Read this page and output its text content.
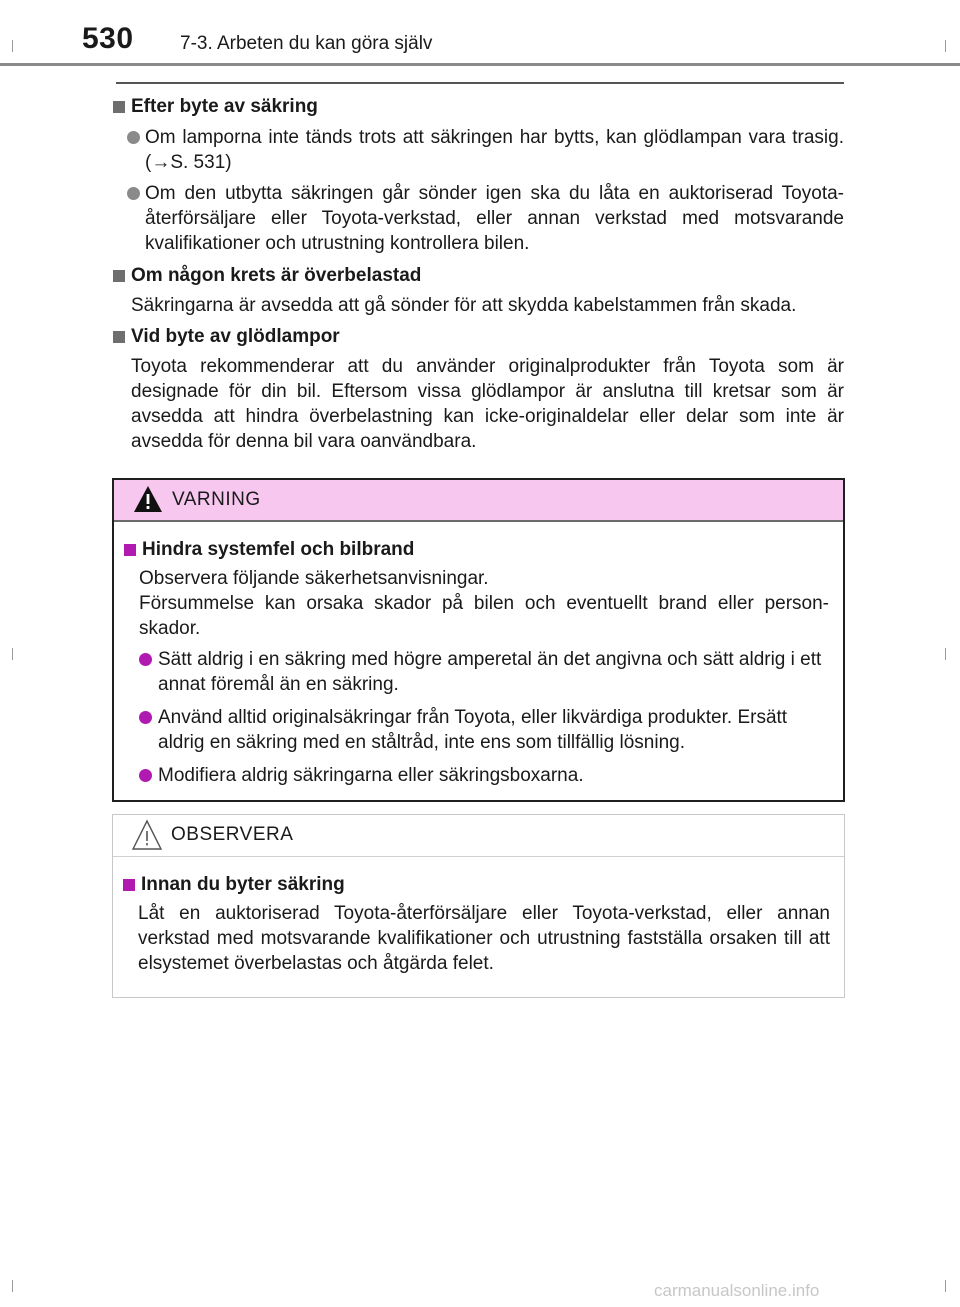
530 7-3. Arbeten du kan göra själv
Efter byte av säkring
Om lamporna inte tänds trots att säkringen har bytts, kan glödlampan vara trasig. (→S. 531)
Om den utbytta säkringen går sönder igen ska du låta en auktoriserad Toyota-återförsäljare eller Toyota-verkstad, eller annan verkstad med motsvarande kvalifikationer och utrustning kontrollera bilen.
Om någon krets är överbelastad
Säkringarna är avsedda att gå sönder för att skydda kabelstammen från skada.
Vid byte av glödlampor
Toyota rekommenderar att du använder originalprodukter från Toyota som är designade för din bil. Eftersom vissa glödlampor är anslutna till kretsar som är avsedda att hindra överbelastning kan icke-originaldelar eller delar som inte är avsedda för denna bil vara oanvändbara.
VARNING
Hindra systemfel och bilbrand
Observera följande säkerhetsanvisningar.
Försummelse kan orsaka skador på bilen och eventuellt brand eller person-skador.
Sätt aldrig i en säkring med högre amperetal än det angivna och sätt aldrig i ett annat föremål än en säkring.
Använd alltid originalsäkringar från Toyota, eller likvärdiga produkter. Ersätt aldrig en säkring med en ståltråd, inte ens som tillfällig lösning.
Modifiera aldrig säkringarna eller säkringsboxarna.
OBSERVERA
Innan du byter säkring
Låt en auktoriserad Toyota-återförsäljare eller Toyota-verkstad, eller annan verkstad med motsvarande kvalifikationer och utrustning fastställa orsaken till att elsystemet överbelastas och åtgärda felet.
carmanualsonline.info
